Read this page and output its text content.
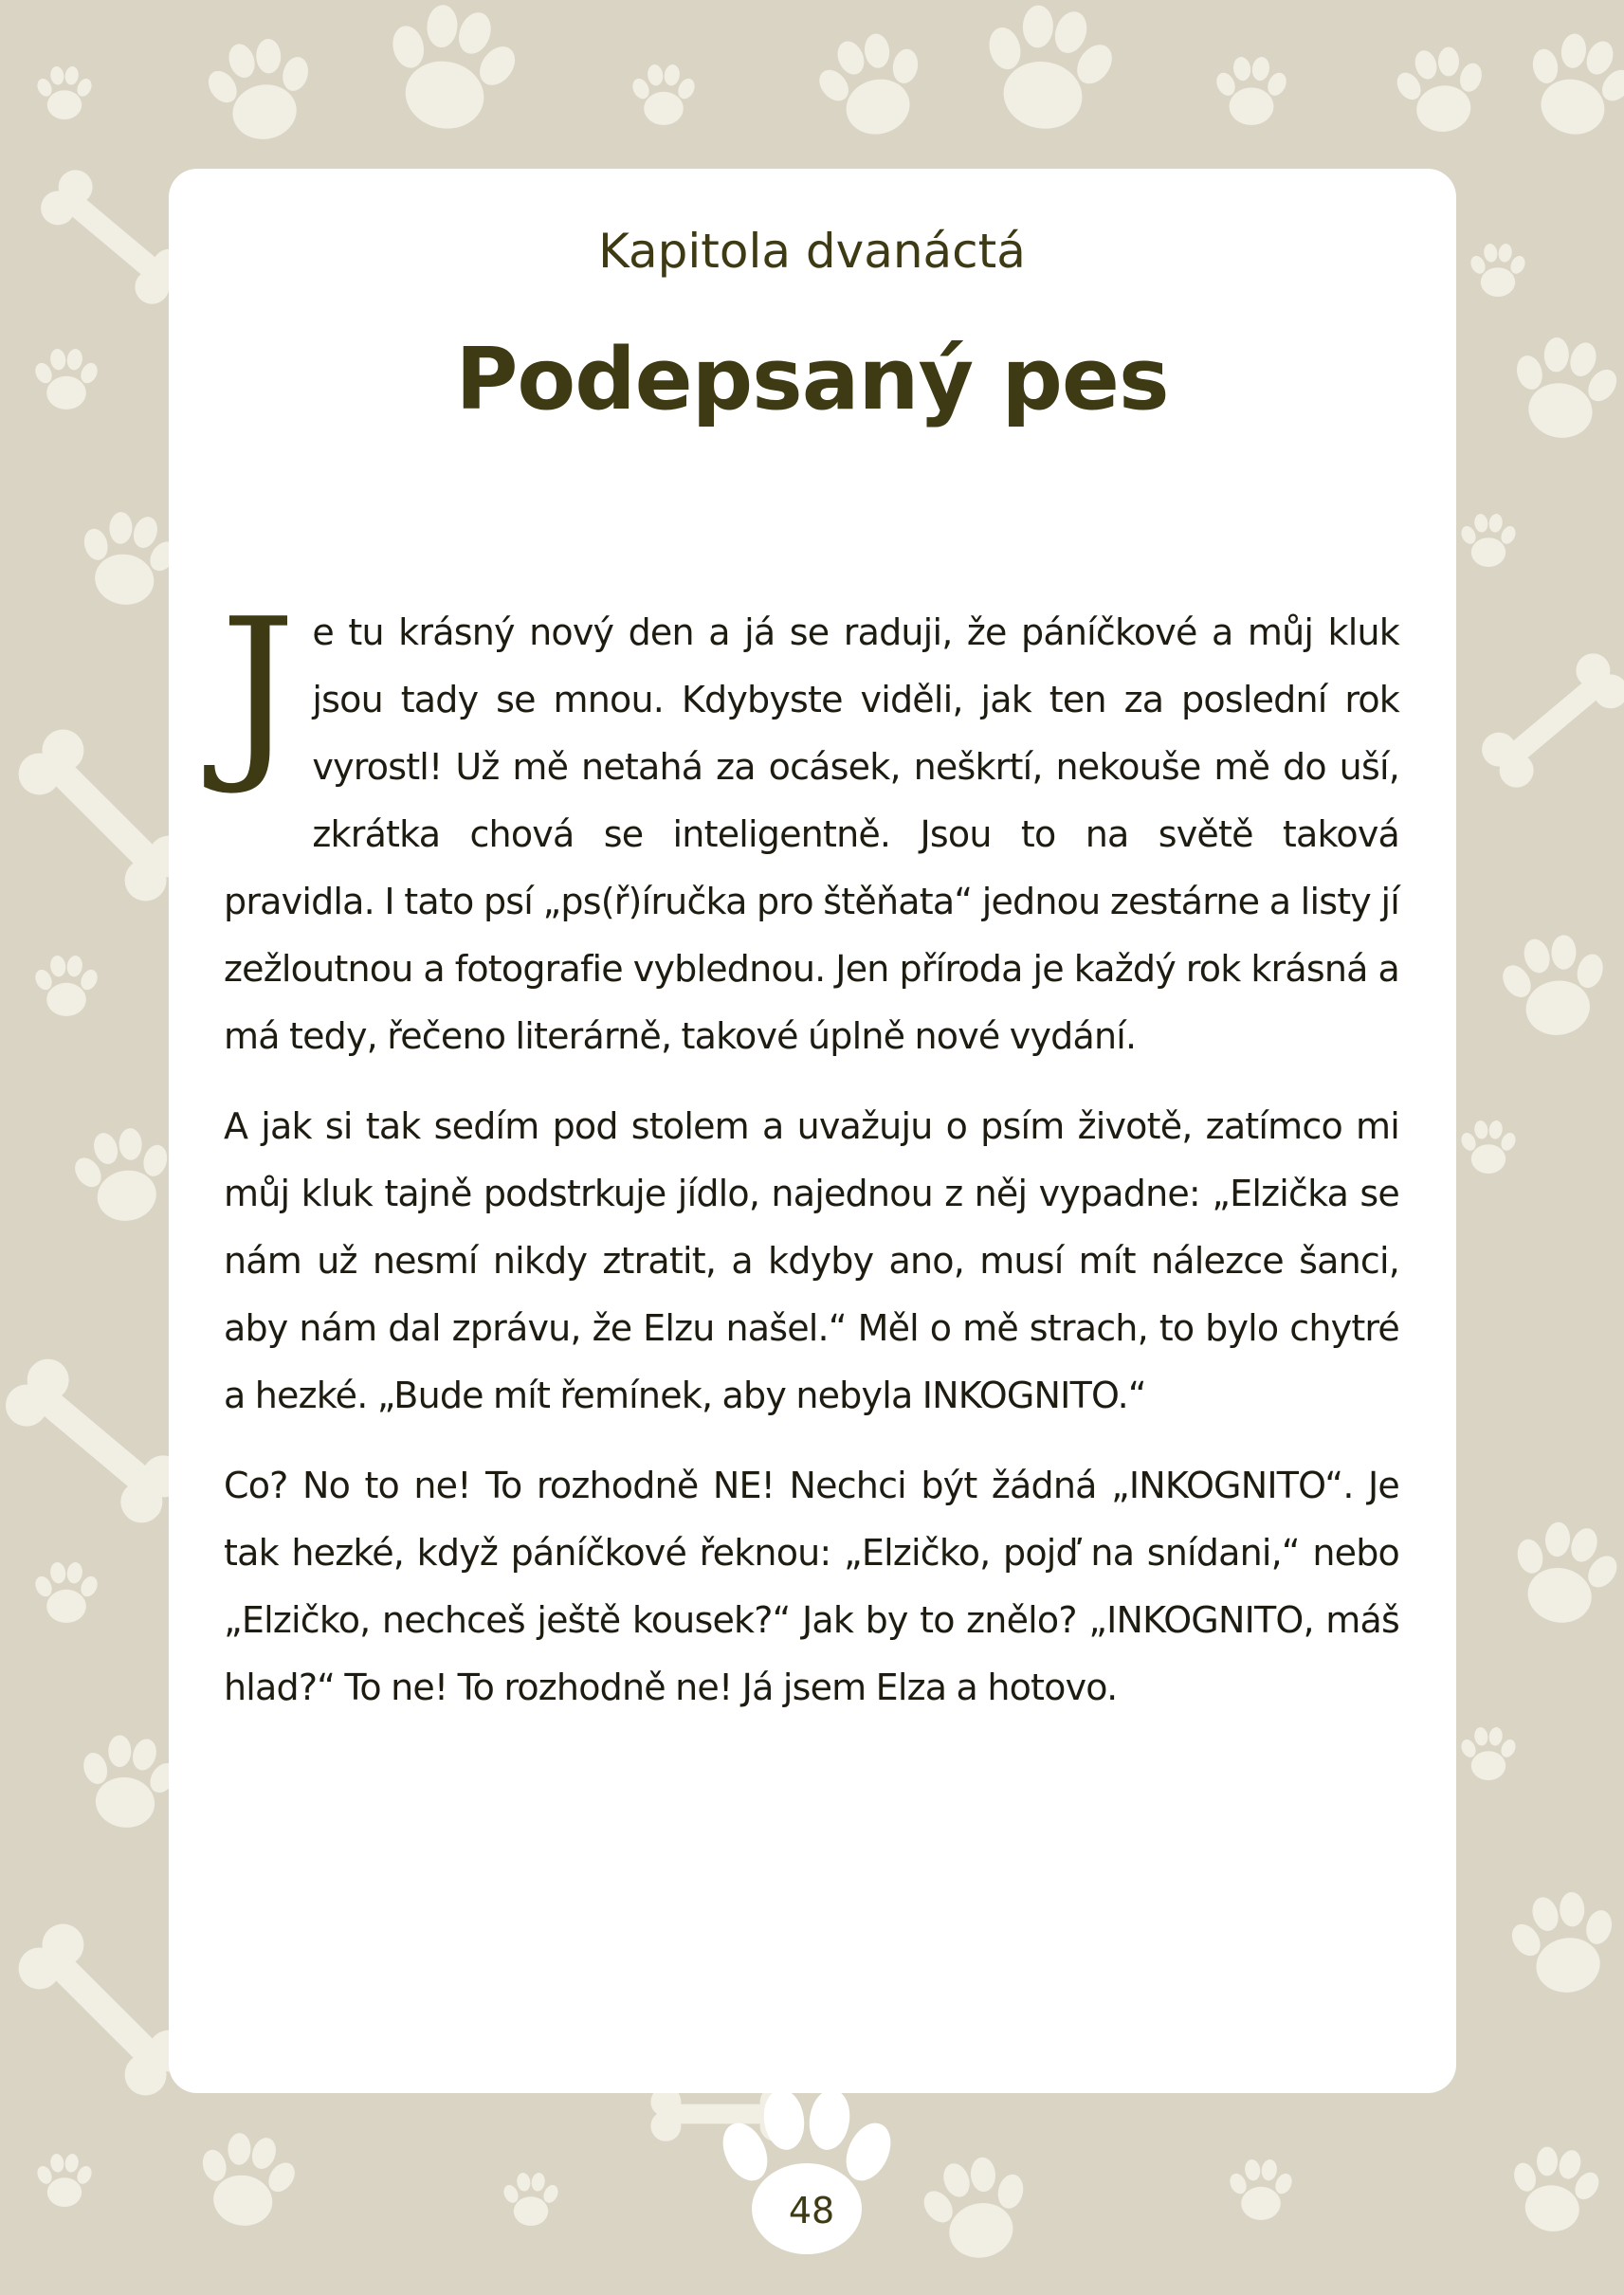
Kapitola dvanáctá
Podepsaný pes

Je tu krásný nový den a já se raduji, že páníčkové a můj kluk jsou tady se mnou. Kdybyste viděli, jak ten za poslední rok vyrostl! Už mě netahá za ocásek, neškrtí, nekouše mě do uší, zkrátka chová se inteligentně. Jsou to na světě taková pravidla. I tato psí „ps(ř)íručka pro štěňata“ jednou zestárne a listy jí zežloutnou a fotografie vyblednou. Jen příroda je každý rok krásná a má tedy, řečeno literárně, takové úplně nové vydání.

A jak si tak sedím pod stolem a uvažuju o psím životě, zatímco mi můj kluk tajně podstrkuje jídlo, najednou z něj vypadne: „Elzička se nám už nesmí nikdy ztratit, a kdyby ano, musí mít nálezce šanci, aby nám dal zprávu, že Elzu našel.“ Měl o mě strach, to bylo chytré a hezké. „Bude mít řemínek, aby nebyla INKOGNITO.“

Co? No to ne! To rozhodně NE! Nechci být žádná „INKOGNITO“. Je tak hezké, když páníčkové řeknou: „Elzičko, pojď na snídani,“ nebo „Elzičko, nechceš ještě kousek?“ Jak by to znělo? „INKOGNITO, máš hlad?“ To ne! To rozhodně ne! Já jsem Elza a hotovo.

48
